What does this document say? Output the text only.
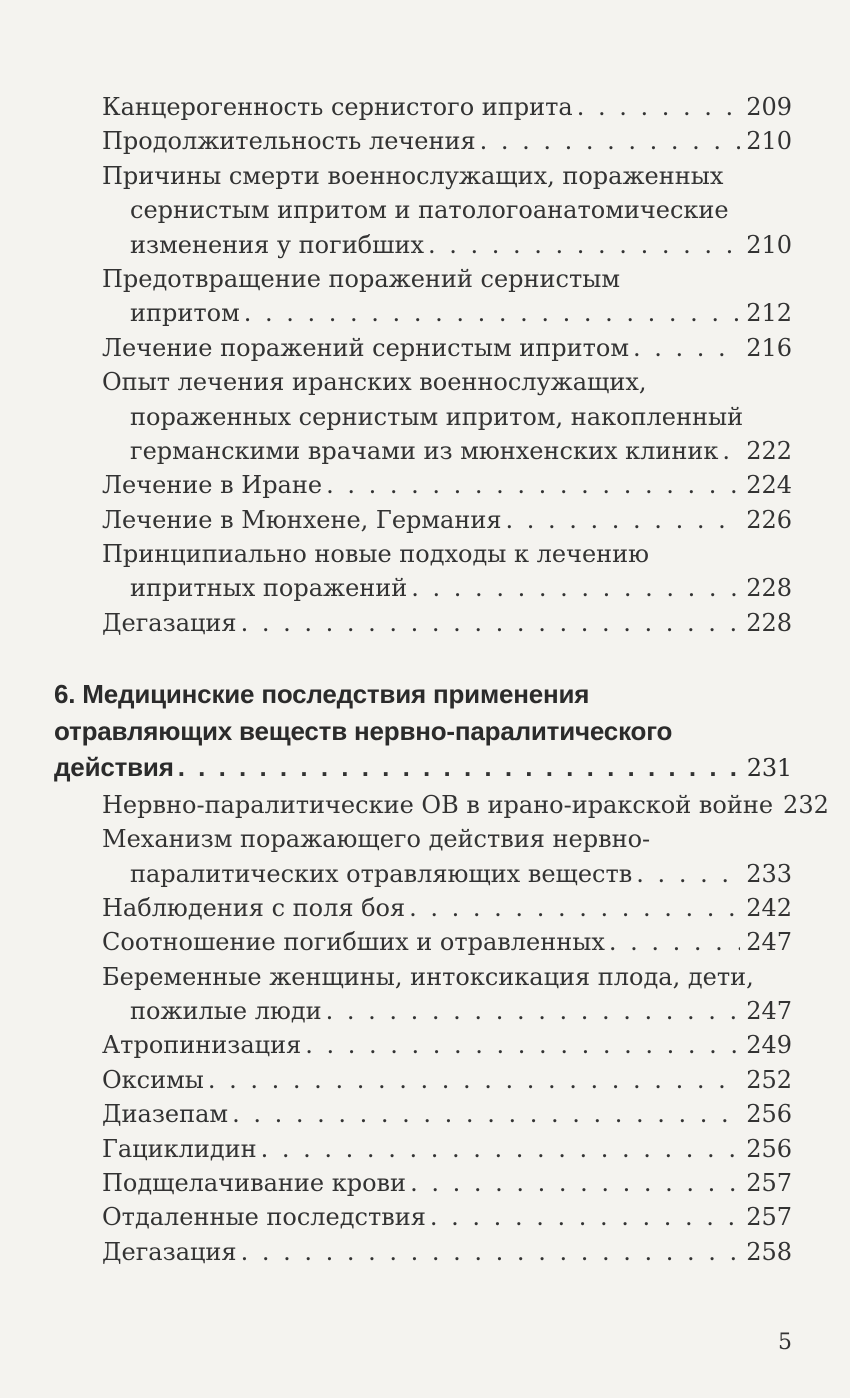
Канцерогенность сернистого иприта . . .	209
Продолжительность лечения . . .	210
Причины смерти военнослужащих, пораженных
сернистым ипритом и патологоанатомические
изменения у погибших . . .	210
Предотвращение поражений сернистым
ипритом . . .	212
Лечение поражений сернистым ипритом . . .	216
Опыт лечения иранских военнослужащих,
пораженных сернистым ипритом, накопленный
германскими врачами из мюнхенских клиник . . . 222
Лечение в Иране . . .	224
Лечение в Мюнхене, Германия . . .	226
Принципиально новые подходы к лечению
ипритных поражений . . .	228
Дегазация . . .	228
6. Медицинские последствия применения
отравляющих веществ нервно-паралитического
действия . . .	231
Нервно-паралитические ОВ в ирано-иракской войне 232
Механизм поражающего действия нервно-
паралитических отравляющих веществ . . .	233
Наблюдения с поля боя . . .	242
Соотношение погибших и отравленных . . .	247
Беременные женщины, интоксикация плода, дети,
пожилые люди . . .	247
Атропинизация . . .	249
Оксимы . . .	252
Диазепам . . .	256
Гациклидин . . .	256
Подщелачивание крови . . .	257
Отдаленные последствия . . .	257
Дегазация . . .	258
5
